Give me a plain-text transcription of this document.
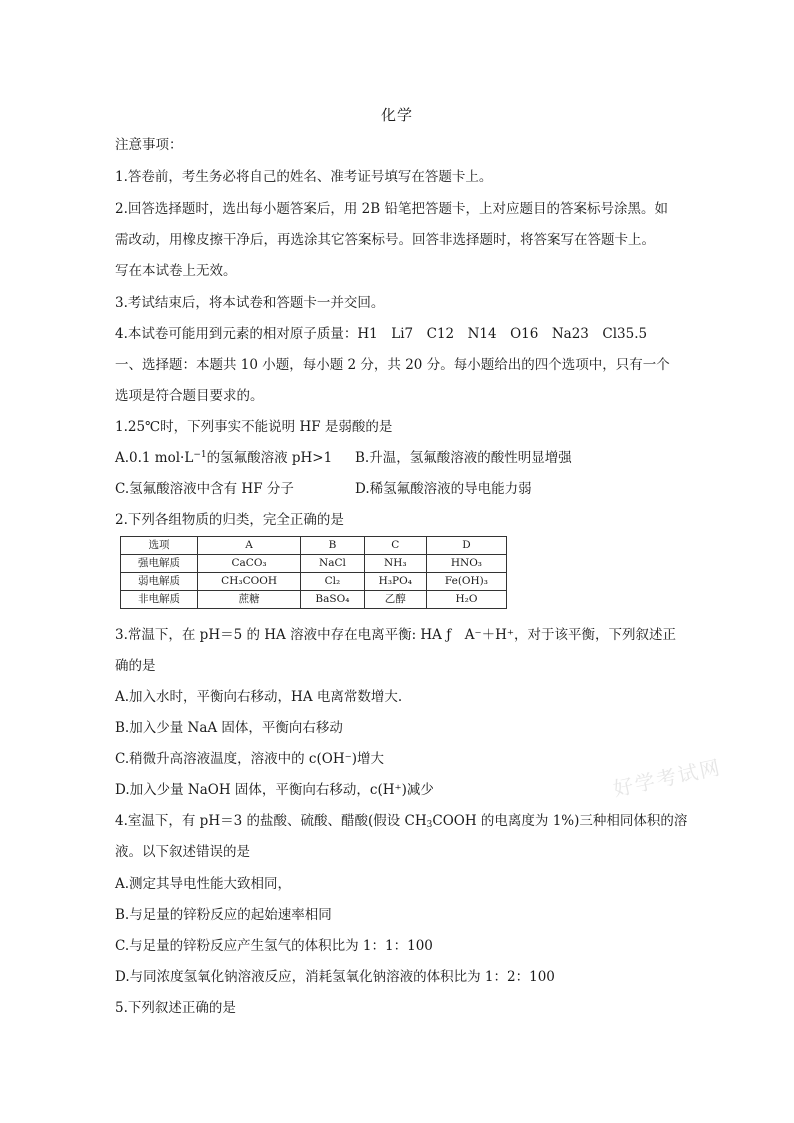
化学
注意事项：
1.答卷前，考生务必将自己的姓名、准考证号填写在答题卡上。
2.回答选择题时，选出每小题答案后，用 2B 铅笔把答题卡，上对应题目的答案标号涂黑。如
需改动，用橡皮擦干净后，再选涂其它答案标号。回答非选择题时，将答案写在答题卡上。
写在本试卷上无效。
3.考试结束后，将本试卷和答题卡一并交回。
4.本试卷可能用到元素的相对原子质量：H1　Li7　C12　N14　O16　Na23　Cl35.5
一、选择题：本题共 10 小题，每小题 2 分，共 20 分。每小题给出的四个选项中，只有一个
选项是符合题目要求的。
1.25℃时，下列事实不能说明 HF 是弱酸的是
A.0.1 $mol\cdot L^{-1}$的氢氟酸溶液 pH>1 B.升温，氢氟酸溶液的酸性明显增强
C.氢氟酸溶液中含有 HF 分子	D.稀氢氟酸溶液的导电能力弱
2.下列各组物质的归类，完全正确的是
选项	A	B	C	D
强电解质	CaCO₃	NaCl	NH₃	HNO₃
弱电解质	CH₃COOH	Cl₂	H₃PO₄	Fe(OH)₃
非电解质	蔗糖	BaSO₄	乙醇	H₂O
3.常温下，在 pH＝5 的 HA 溶液中存在电离平衡: HA ƒ　A⁻＋H⁺，对于该平衡，下列叙述正
确的是
A.加入水时，平衡向右移动，HA 电离常数增大.
B.加入少量 NaA 固体，平衡向右移动
C.稍微升高溶液温度，溶液中的 c(OH⁻)增大
D.加入少量 NaOH 固体，平衡向右移动，c(H⁺)减少
4.室温下，有 pH＝3 的盐酸、硫酸、醋酸(假设 $CH_3COOH$ 的电离度为 1%)三种相同体积的溶
液。以下叙述错误的是
A.测定其导电性能大致相同，
B.与足量的锌粉反应的起始速率相同
C.与足量的锌粉反应产生氢气的体积比为 1：1：100
D.与同浓度氢氧化钠溶液反应，消耗氢氧化钠溶液的体积比为 1：2：100
5.下列叙述正确的是
好学考试网
